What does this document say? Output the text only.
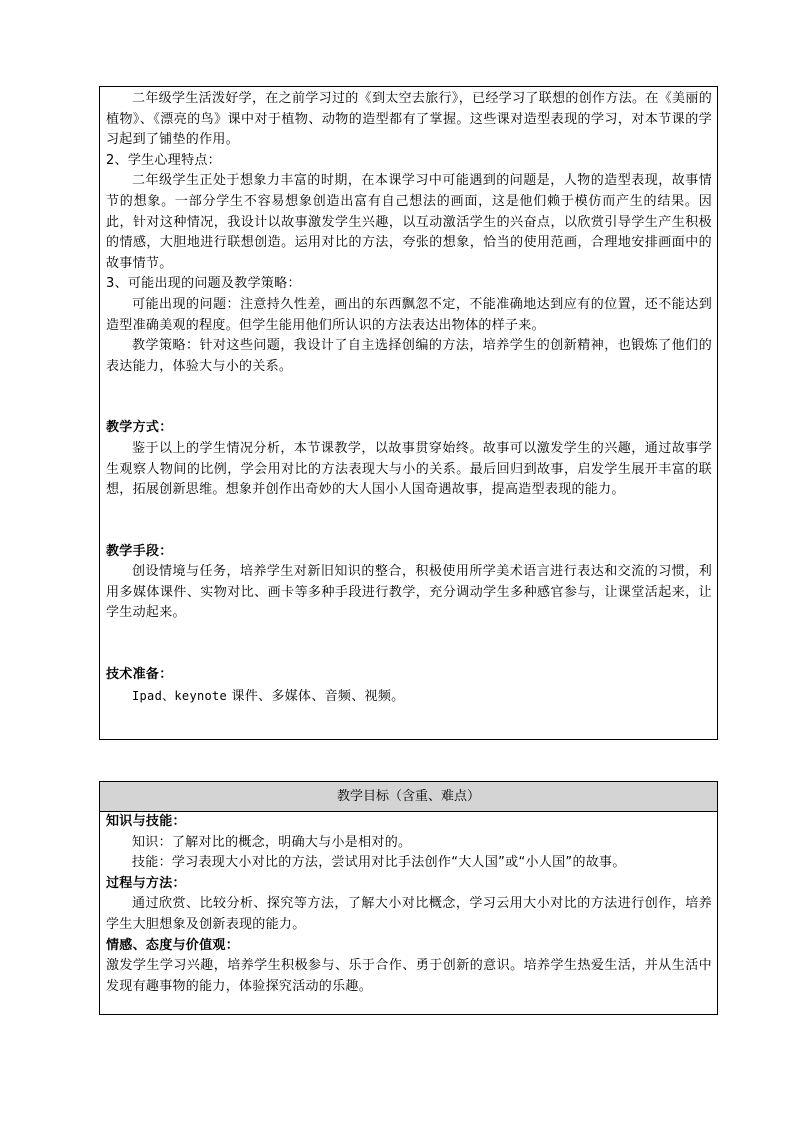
二年级学生活泼好学，在之前学习过的《到太空去旅行》，已经学习了联想的创作方法。在《美丽的植物》、《漂亮的鸟》课中对于植物、动物的造型都有了掌握。这些课对造型表现的学习，对本节课的学习起到了铺垫的作用。

2、学生心理特点：

二年级学生正处于想象力丰富的时期，在本课学习中可能遇到的问题是，人物的造型表现，故事情节的想象。一部分学生不容易想象创造出富有自己想法的画面，这是他们赖于模仿而产生的结果。因此，针对这种情况，我设计以故事激发学生兴趣，以互动激活学生的兴奋点，以欣赏引导学生产生积极的情感，大胆地进行联想创造。运用对比的方法，夸张的想象，恰当的使用范画，合理地安排画面中的故事情节。

3、可能出现的问题及教学策略：

可能出现的问题：注意持久性差，画出的东西飘忽不定，不能准确地达到应有的位置，还不能达到造型准确美观的程度。但学生能用他们所认识的方法表达出物体的样子来。

教学策略：针对这些问题，我设计了自主选择创编的方法，培养学生的创新精神，也锻炼了他们的表达能力，体验大与小的关系。

教学方式：

鉴于以上的学生情况分析，本节课教学，以故事贯穿始终。故事可以激发学生的兴趣，通过故事学生观察人物间的比例，学会用对比的方法表现大与小的关系。最后回归到故事，启发学生展开丰富的联想，拓展创新思维。想象并创作出奇妙的大人国小人国奇遇故事，提高造型表现的能力。

教学手段：

创设情境与任务，培养学生对新旧知识的整合，积极使用所学美术语言进行表达和交流的习惯，利用多媒体课件、实物对比、画卡等多种手段进行教学，充分调动学生多种感官参与，让课堂活起来，让学生动起来。

技术准备：

Ipad、keynote 课件、多媒体、音频、视频。

教学目标（含重、难点）

知识与技能：

知识：了解对比的概念，明确大与小是相对的。

技能：学习表现大小对比的方法，尝试用对比手法创作“大人国”或“小人国”的故事。

过程与方法：

通过欣赏、比较分析、探究等方法，了解大小对比概念，学习云用大小对比的方法进行创作，培养学生大胆想象及创新表现的能力。

情感、态度与价值观：

激发学生学习兴趣，培养学生积极参与、乐于合作、勇于创新的意识。培养学生热爱生活，并从生活中发现有趣事物的能力，体验探究活动的乐趣。
